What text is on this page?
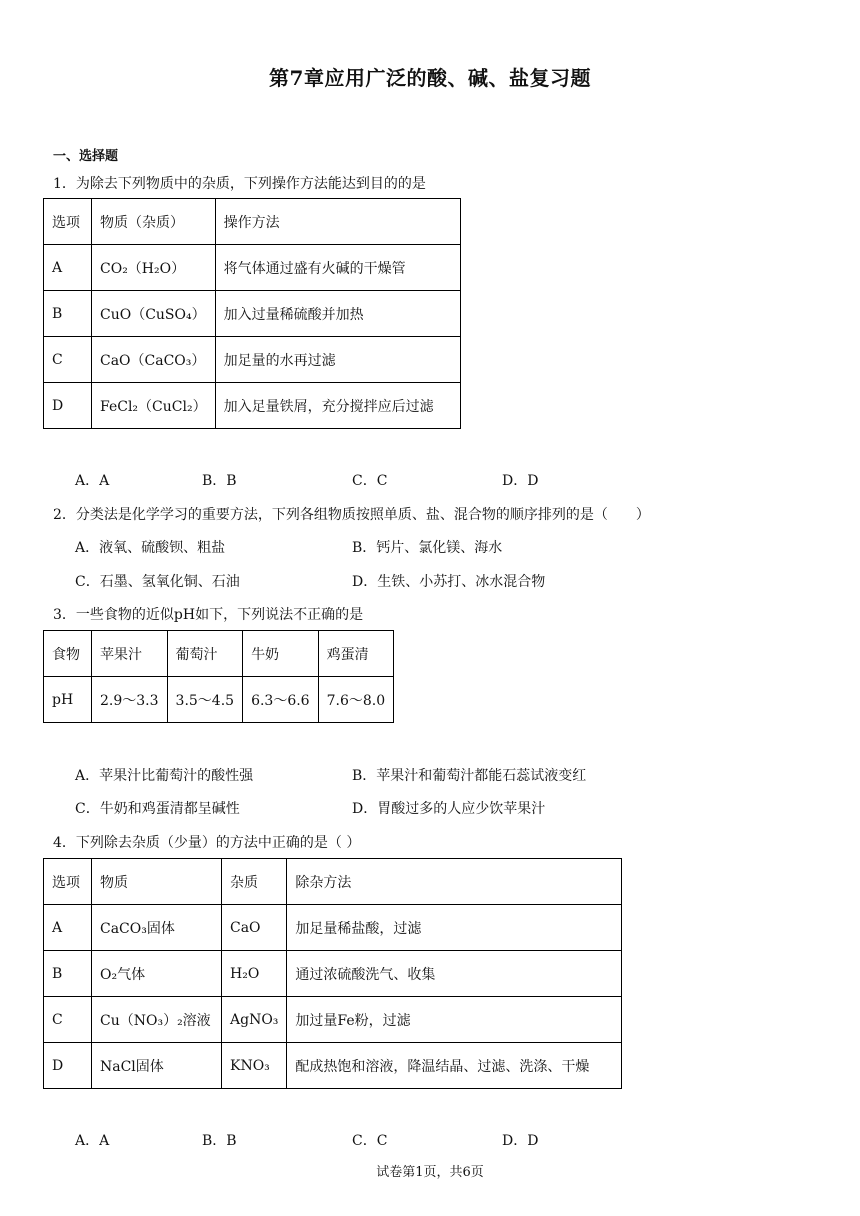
第7章应用广泛的酸、碱、盐复习题
一、选择题
1．为除去下列物质中的杂质，下列操作方法能达到目的的是
选项	物质（杂质）	操作方法
A	CO₂（H₂O）	将气体通过盛有火碱的干燥管
B	CuO（CuSO₄）	加入过量稀硫酸并加热
C	CaO（CaCO₃）	加足量的水再过滤
D	FeCl₂（CuCl₂）	加入足量铁屑，充分搅拌应后过滤
A．A	B．B	C．C	D．D
2．分类法是化学学习的重要方法，下列各组物质按照单质、盐、混合物的顺序排列的是（　　）
A．液氧、硫酸钡、粗盐	B．钙片、氯化镁、海水
C．石墨、氢氧化铜、石油	D．生铁、小苏打、冰水混合物
3．一些食物的近似pH如下，下列说法不正确的是
食物	苹果汁	葡萄汁	牛奶	鸡蛋清
pH	2.9～3.3	3.5～4.5	6.3～6.6	7.6～8.0
A．苹果汁比葡萄汁的酸性强	B．苹果汁和葡萄汁都能石蕊试液变红
C．牛奶和鸡蛋清都呈碱性	D．胃酸过多的人应少饮苹果汁
4．下列除去杂质（少量）的方法中正确的是（ ）
选项	物质	杂质	除杂方法
A	CaCO₃固体	CaO	加足量稀盐酸，过滤
B	O₂气体	H₂O	通过浓硫酸洗气、收集
C	Cu（NO₃）₂溶液	AgNO₃	加过量Fe粉，过滤
D	NaCl固体	KNO₃	配成热饱和溶液，降温结晶、过滤、洗涤、干燥
A．A	B．B	C．C	D．D
试卷第1页，共6页
